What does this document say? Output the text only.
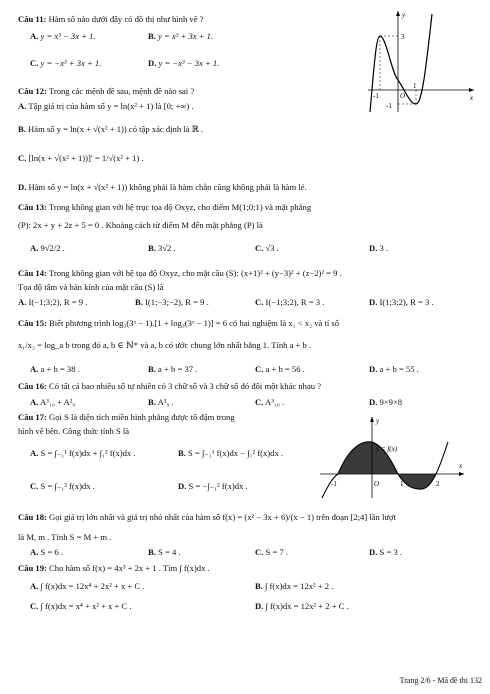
Câu 11: Hàm số nào dưới đây có đồ thị như hình vẽ ?
A. y = x³ − 3x + 1.	B. y = x³ + 3x + 1.
C. y = −x³ + 3x + 1.	D. y = −x³ − 3x + 1.
y
x
3
-1	O
1
-1
Câu 12: Trong các mệnh đề sau, mệnh đề nào sai ?
A. Tập giá trị của hàm số y = ln(x² + 1) là [0; +∞) .
B. Hàm số y = ln(x + √(x² + 1)) có tập xác định là ℝ .
C. [ln(x + √(x² + 1))]′ = 1/√(x² + 1) .
D. Hàm số y = ln(x + √(x² + 1)) không phải là hàm chẵn cũng không phải là hàm lẻ.
Câu 13: Trong không gian với hệ trục tọa độ Oxyz, cho điểm M(1;0;1) và mặt phẳng
(P): 2x + y + 2z + 5 = 0 . Khoảng cách từ điểm M đến mặt phẳng (P) là
A. 9√2/2 .	B. 3√2 .	C. √3 .	D. 3 .
Câu 14: Trong không gian với hệ tọa độ Oxyz, cho mặt cầu (S): (x+1)² + (y−3)² + (z−2)² = 9 .
Tọa độ tâm và bán kính của mặt cầu (S) là
A. I(−1;3;2), R = 9 .	B. I(1;−3;−2), R = 9 .	C. I(−1;3;2), R = 3 .	D. I(1;3;2), R = 3 .
Câu 15: Biết phương trình log₃(3ˣ − 1).[1 + log₃(3ˣ − 1)] = 6 có hai nghiệm là x₁ < x₂ và tỉ số
x₁/x₂ = log_a b trong đó a, b ∈ ℕ* và a, b có ước chung lớn nhất bằng 1. Tính a + b .
A. a + b = 38 .	B. a + b = 37 .	C. a + b = 56 .	D. a + b = 55 .
Câu 16: Có tất cả bao nhiêu số tự nhiên có 3 chữ số và 3 chữ số đó đôi một khác nhau ?
A. A³₁₀ + A²₉	B. A³₉ .	C. A³₁₀ .	D. 9×9×8
Câu 17: Gọi S là diện tích miền hình phẳng được tô đậm trong
hình vẽ bên. Công thức tính S là
A. S = ∫₋₁¹ f(x)dx + ∫₁² f(x)dx .	B. S = ∫₋₁¹ f(x)dx − ∫₁² f(x)dx .
C. S = ∫₋₁² f(x)dx .	D. S = −∫₋₁² f(x)dx .
y
x
y = f(x)
-1	O	1	2
Câu 18: Gọi giá trị lớn nhất và giá trị nhỏ nhất của hàm số f(x) = (x² − 3x + 6)/(x − 1) trên đoạn [2;4] lần lượt
là M, m . Tính S = M + m .
A. S = 6 .	B. S = 4 .	C. S = 7 .	D. S = 3 .
Câu 19: Cho hàm số f(x) = 4x³ + 2x + 1 . Tìm ∫ f(x)dx .
A. ∫ f(x)dx = 12x⁴ + 2x² + x + C .	B. ∫ f(x)dx = 12x² + 2 .
C. ∫ f(x)dx = x⁴ + x² + x + C .	D. ∫ f(x)dx = 12x² + 2 + C .
Trang 2/6 - Mã đề thi 132
